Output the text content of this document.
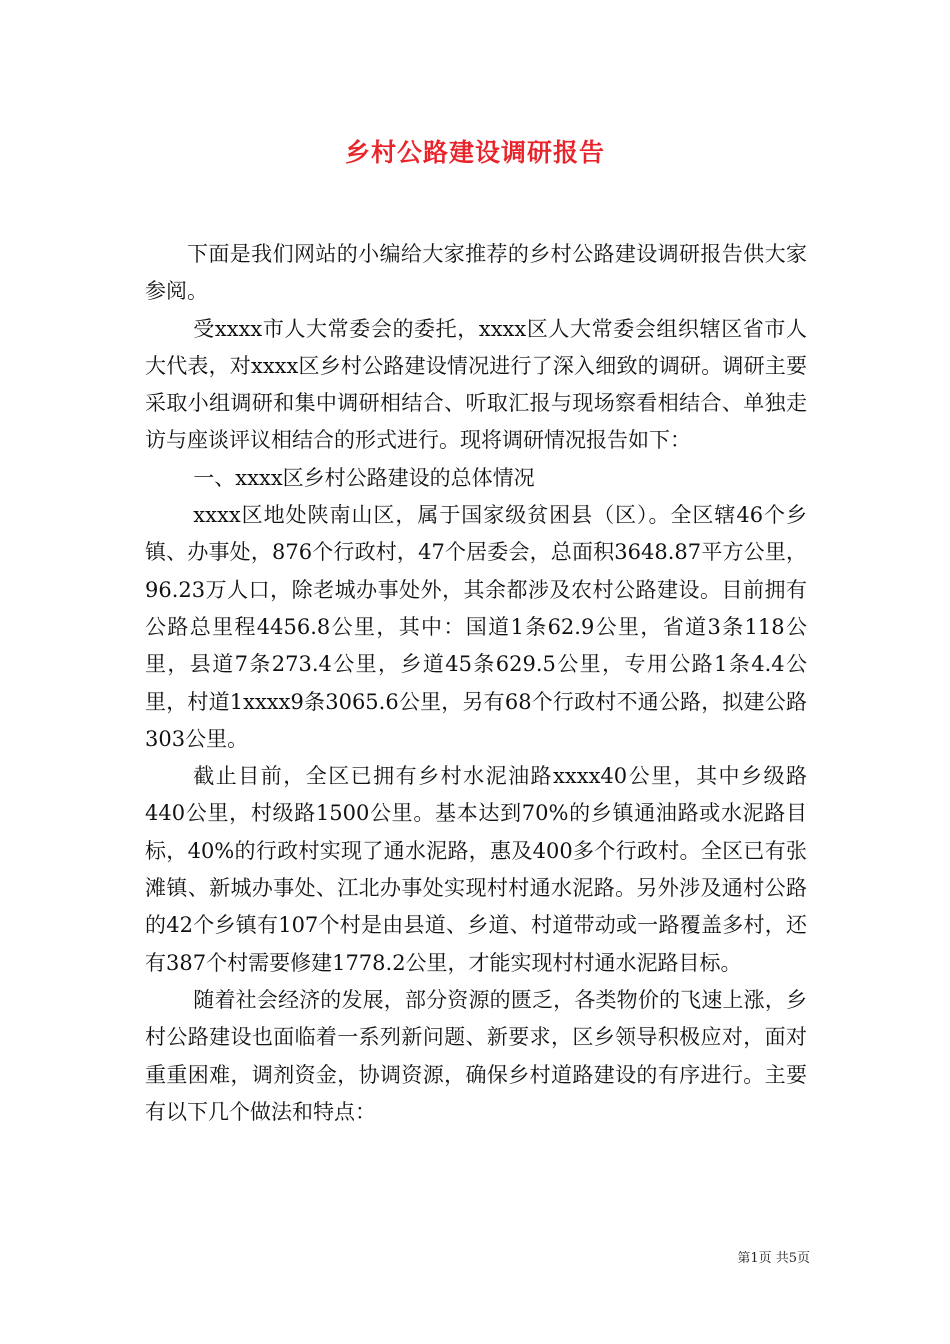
乡村公路建设调研报告

下面是我们网站的小编给大家推荐的乡村公路建设调研报告供大家参阅。

受xxxx市人大常委会的委托，xxxx区人大常委会组织辖区省市人大代表，对xxxx区乡村公路建设情况进行了深入细致的调研。调研主要采取小组调研和集中调研相结合、听取汇报与现场察看相结合、单独走访与座谈评议相结合的形式进行。现将调研情况报告如下：

一、xxxx区乡村公路建设的总体情况

xxxx区地处陕南山区，属于国家级贫困县（区）。全区辖46个乡镇、办事处，876个行政村，47个居委会，总面积3648.87平方公里，96.23万人口，除老城办事处外，其余都涉及农村公路建设。目前拥有公路总里程4456.8公里，其中：国道1条62.9公里，省道3条118公里，县道7条273.4公里，乡道45条629.5公里，专用公路1条4.4公里，村道1xxxx9条3065.6公里，另有68个行政村不通公路，拟建公路303公里。

截止目前，全区已拥有乡村水泥油路xxxx40公里，其中乡级路440公里，村级路1500公里。基本达到70%的乡镇通油路或水泥路目标，40%的行政村实现了通水泥路，惠及400多个行政村。全区已有张滩镇、新城办事处、江北办事处实现村村通水泥路。另外涉及通村公路的42个乡镇有107个村是由县道、乡道、村道带动或一路覆盖多村，还有387个村需要修建1778.2公里，才能实现村村通水泥路目标。

随着社会经济的发展，部分资源的匮乏，各类物价的飞速上涨，乡村公路建设也面临着一系列新问题、新要求，区乡领导积极应对，面对重重困难，调剂资金，协调资源，确保乡村道路建设的有序进行。主要有以下几个做法和特点：

第1页 共5页
